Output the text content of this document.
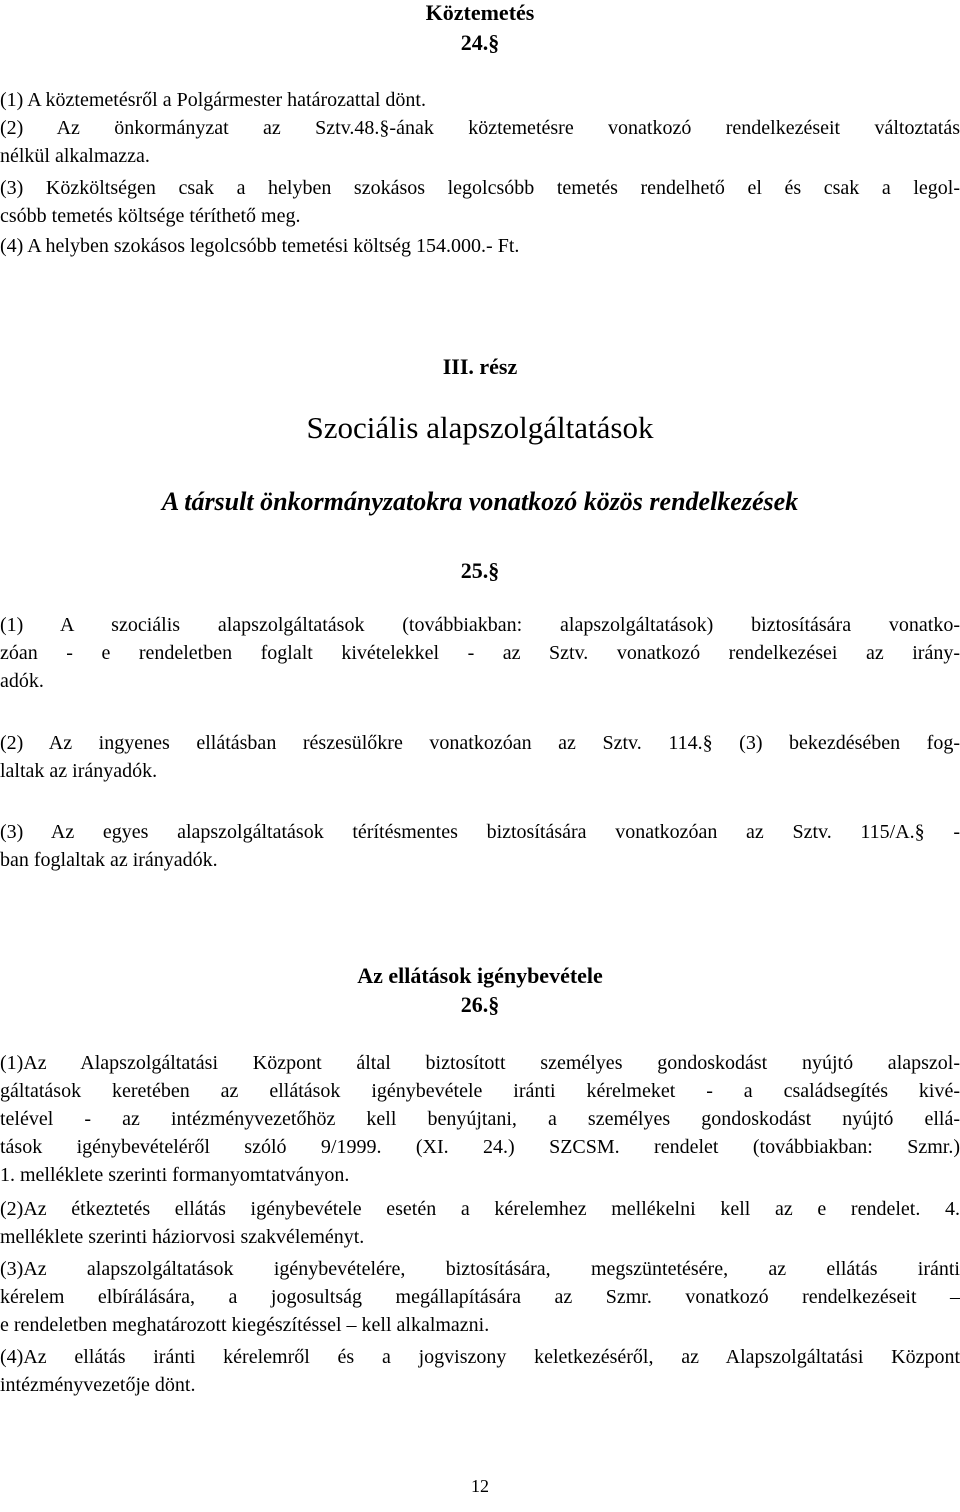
Köztemetés
24.§
(1) A köztemetésről a Polgármester határozattal dönt.
(2) Az önkormányzat az Sztv.48.§-ának köztemetésre vonatkozó rendelkezéseit változtatás
nélkül alkalmazza.
(3) Közköltségen csak a helyben szokásos legolcsóbb temetés rendelhető el és csak a legol-
csóbb temetés költsége téríthető meg.
(4) A helyben szokásos legolcsóbb temetési költség 154.000.- Ft.
III. rész
Szociális alapszolgáltatások
A társult önkormányzatokra vonatkozó közös rendelkezések
25.§
(1) A szociális alapszolgáltatások (továbbiakban: alapszolgáltatások) biztosítására vonatko-
zóan - e rendeletben foglalt kivételekkel - az Sztv. vonatkozó rendelkezései az irány-
adók.
(2) Az ingyenes ellátásban részesülőkre vonatkozóan az Sztv. 114.§ (3) bekezdésében fog-
laltak az irányadók.
(3) Az egyes alapszolgáltatások térítésmentes biztosítására vonatkozóan az Sztv. 115/A.§ -
ban foglaltak az irányadók.
Az ellátások igénybevétele
26.§
(1)Az Alapszolgáltatási Központ által biztosított személyes gondoskodást nyújtó alapszol-
gáltatások keretében az ellátások igénybevétele iránti kérelmeket - a családsegítés kivé-
telével - az intézményvezetőhöz kell benyújtani, a személyes gondoskodást nyújtó ellá-
tások igénybevételéről szóló 9/1999. (XI. 24.) SZCSM. rendelet (továbbiakban: Szmr.)
1. melléklete szerinti formanyomtatványon.
(2)Az étkeztetés ellátás igénybevétele esetén a kérelemhez mellékelni kell az e rendelet. 4.
melléklete szerinti háziorvosi szakvéleményt.
(3)Az alapszolgáltatások igénybevételére, biztosítására, megszüntetésére, az ellátás iránti
kérelem elbírálására, a jogosultság megállapítására az Szmr. vonatkozó rendelkezéseit –
e rendeletben meghatározott kiegészítéssel – kell alkalmazni.
(4)Az ellátás iránti kérelemről és a jogviszony keletkezéséről, az Alapszolgáltatási Központ
intézményvezetője dönt.
12
